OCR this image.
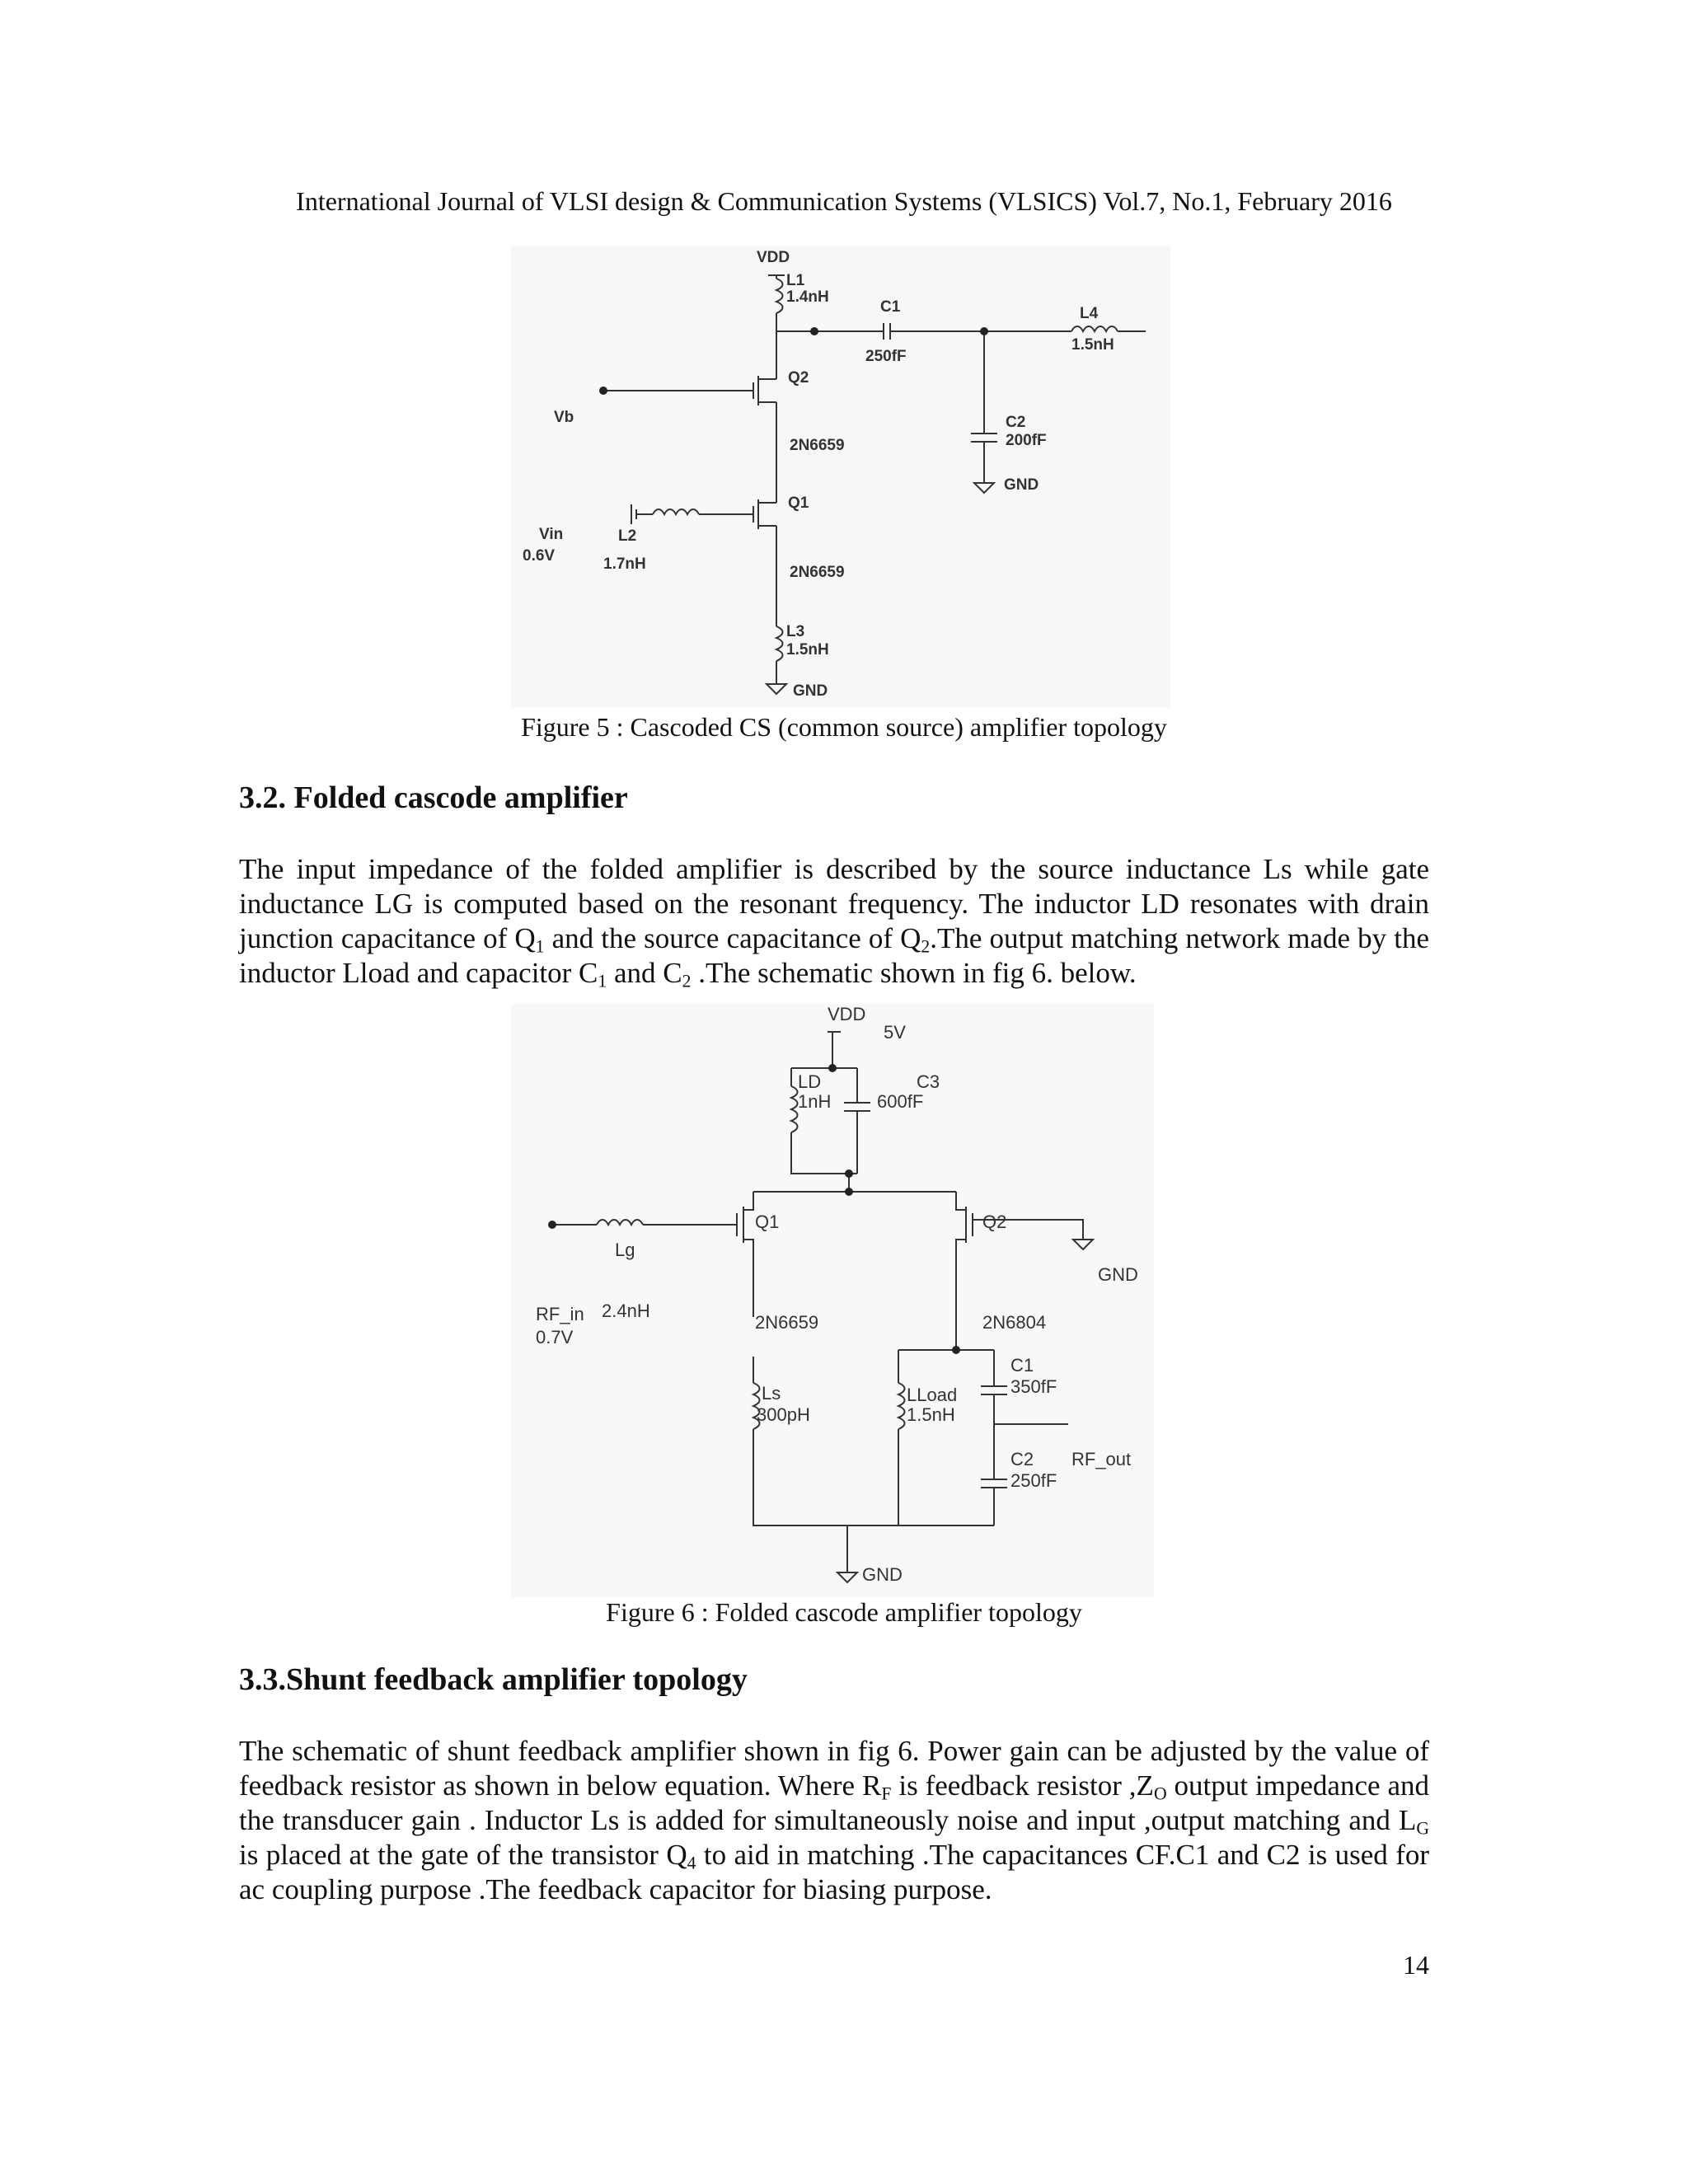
International Journal of VLSI design & Communication Systems (VLSICS) Vol.7, No.1, February 2016
VDD
L1
1.4nH
C1
250fF
L4
1.5nH
Q2
Vb
2N6659
C2
200fF
GND
Q1
Vin
0.6V
L2
1.7nH	2N6659
L3
1.5nH
GND
Figure 5 : Cascoded CS (common source) amplifier topology
3.2. Folded cascode amplifier
The input impedance of the folded amplifier is described by the source inductance Ls while gate inductance LG is computed based on the resonant frequency. The inductor LD resonates with drain junction capacitance of $Q_1$ and the source capacitance of $Q_2.The$ output matching network made by the inductor Lload and capacitor $C_1$ and $C_2$ .The schematic shown in fig 6. below.
VDD
5V
LD
1nH
C3
600fF
Q1	Q2
GND
Lg
2.4nH
RF_in
0.7V
2N6659	2N6804
C1
350fF
Ls
300pH
LLoad
1.5nH
C2 RF_out
250fF
GND
Figure 6 : Folded cascode amplifier topology
3.3.Shunt feedback amplifier topology
The schematic of shunt feedback amplifier shown in fig 6. Power gain can be adjusted by the value of feedback resistor as shown in below equation. Where $R_F$ is feedback resistor $,Z_O$ output impedance and the transducer gain . Inductor Ls is added for simultaneously noise and input ,output matching and $L_G$ is placed at the gate of the transistor $Q_4$ to aid in matching .The capacitances CF.C1 and C2 is used for ac coupling purpose .The feedback capacitor for biasing purpose.
14
